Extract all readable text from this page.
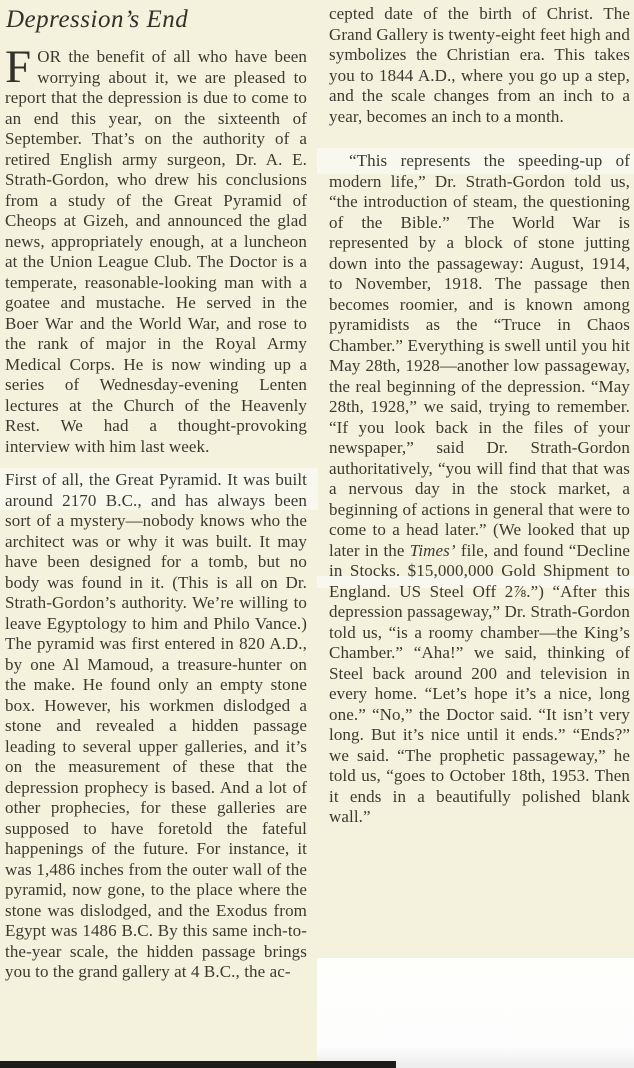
Depression’s End

FOR the benefit of all who have been worrying about it, we are pleased to report that the depression is due to come to an end this year, on the sixteenth of September. That’s on the authority of a retired English army surgeon, Dr. A. E. Strath-Gordon, who drew his conclusions from a study of the Great Pyramid of Cheops at Gizeh, and announced the glad news, appropriately enough, at a luncheon at the Union League Club. The Doctor is a temperate, reasonable-looking man with a goatee and mustache. He served in the Boer War and the World War, and rose to the rank of major in the Royal Army Medical Corps. He is now winding up a series of Wednesday-evening Lenten lectures at the Church of the Heavenly Rest. We had a thought-provoking interview with him last week.

First of all, the Great Pyramid. It was built around 2170 B.C., and has always been sort of a mystery—nobody knows who the architect was or why it was built. It may have been designed for a tomb, but no body was found in it. (This is all on Dr. Strath-Gordon’s authority. We’re willing to leave Egyptology to him and Philo Vance.) The pyramid was first entered in 820 A.D., by one Al Mamoud, a treasure-hunter on the make. He found only an empty stone box. However, his workmen dislodged a stone and revealed a hidden passage leading to several upper galleries, and it’s on the measurement of these that the depression prophecy is based. And a lot of other prophecies, for these galleries are supposed to have foretold the fateful happenings of the future. For instance, it was 1,486 inches from the outer wall of the pyramid, now gone, to the place where the stone was dislodged, and the Exodus from Egypt was 1486 B.C. By this same inch-to-the-year scale, the hidden passage brings you to the grand gallery at 4 B.C., the ac-

cepted date of the birth of Christ. The Grand Gallery is twenty-eight feet high and symbolizes the Christian era. This takes you to 1844 A.D., where you go up a step, and the scale changes from an inch to a year, becomes an inch to a month.

“This represents the speeding-up of modern life,” Dr. Strath-Gordon told us, “the introduction of steam, the questioning of the Bible.” The World War is represented by a block of stone jutting down into the passageway: August, 1914, to November, 1918. The passage then becomes roomier, and is known among pyramidists as the “Truce in Chaos Chamber.” Everything is swell until you hit May 28th, 1928—another low passageway, the real beginning of the depression. “May 28th, 1928,” we said, trying to remember. “If you look back in the files of your newspaper,” said Dr. Strath-Gordon authoritatively, “you will find that that was a nervous day in the stock market, a beginning of actions in general that were to come to a head later.” (We looked that up later in the Times’ file, and found “Decline in Stocks. $15,000,000 Gold Shipment to England. US Steel Off 2⅞.”) “After this depression passageway,” Dr. Strath-Gordon told us, “is a roomy chamber—the King’s Chamber.” “Aha!” we said, thinking of Steel back around 200 and television in every home. “Let’s hope it’s a nice, long one.” “No,” the Doctor said. “It isn’t very long. But it’s nice until it ends.” “Ends?” we said. “The prophetic passageway,” he told us, “goes to October 18th, 1953. Then it ends in a beautifully polished blank wall.”
